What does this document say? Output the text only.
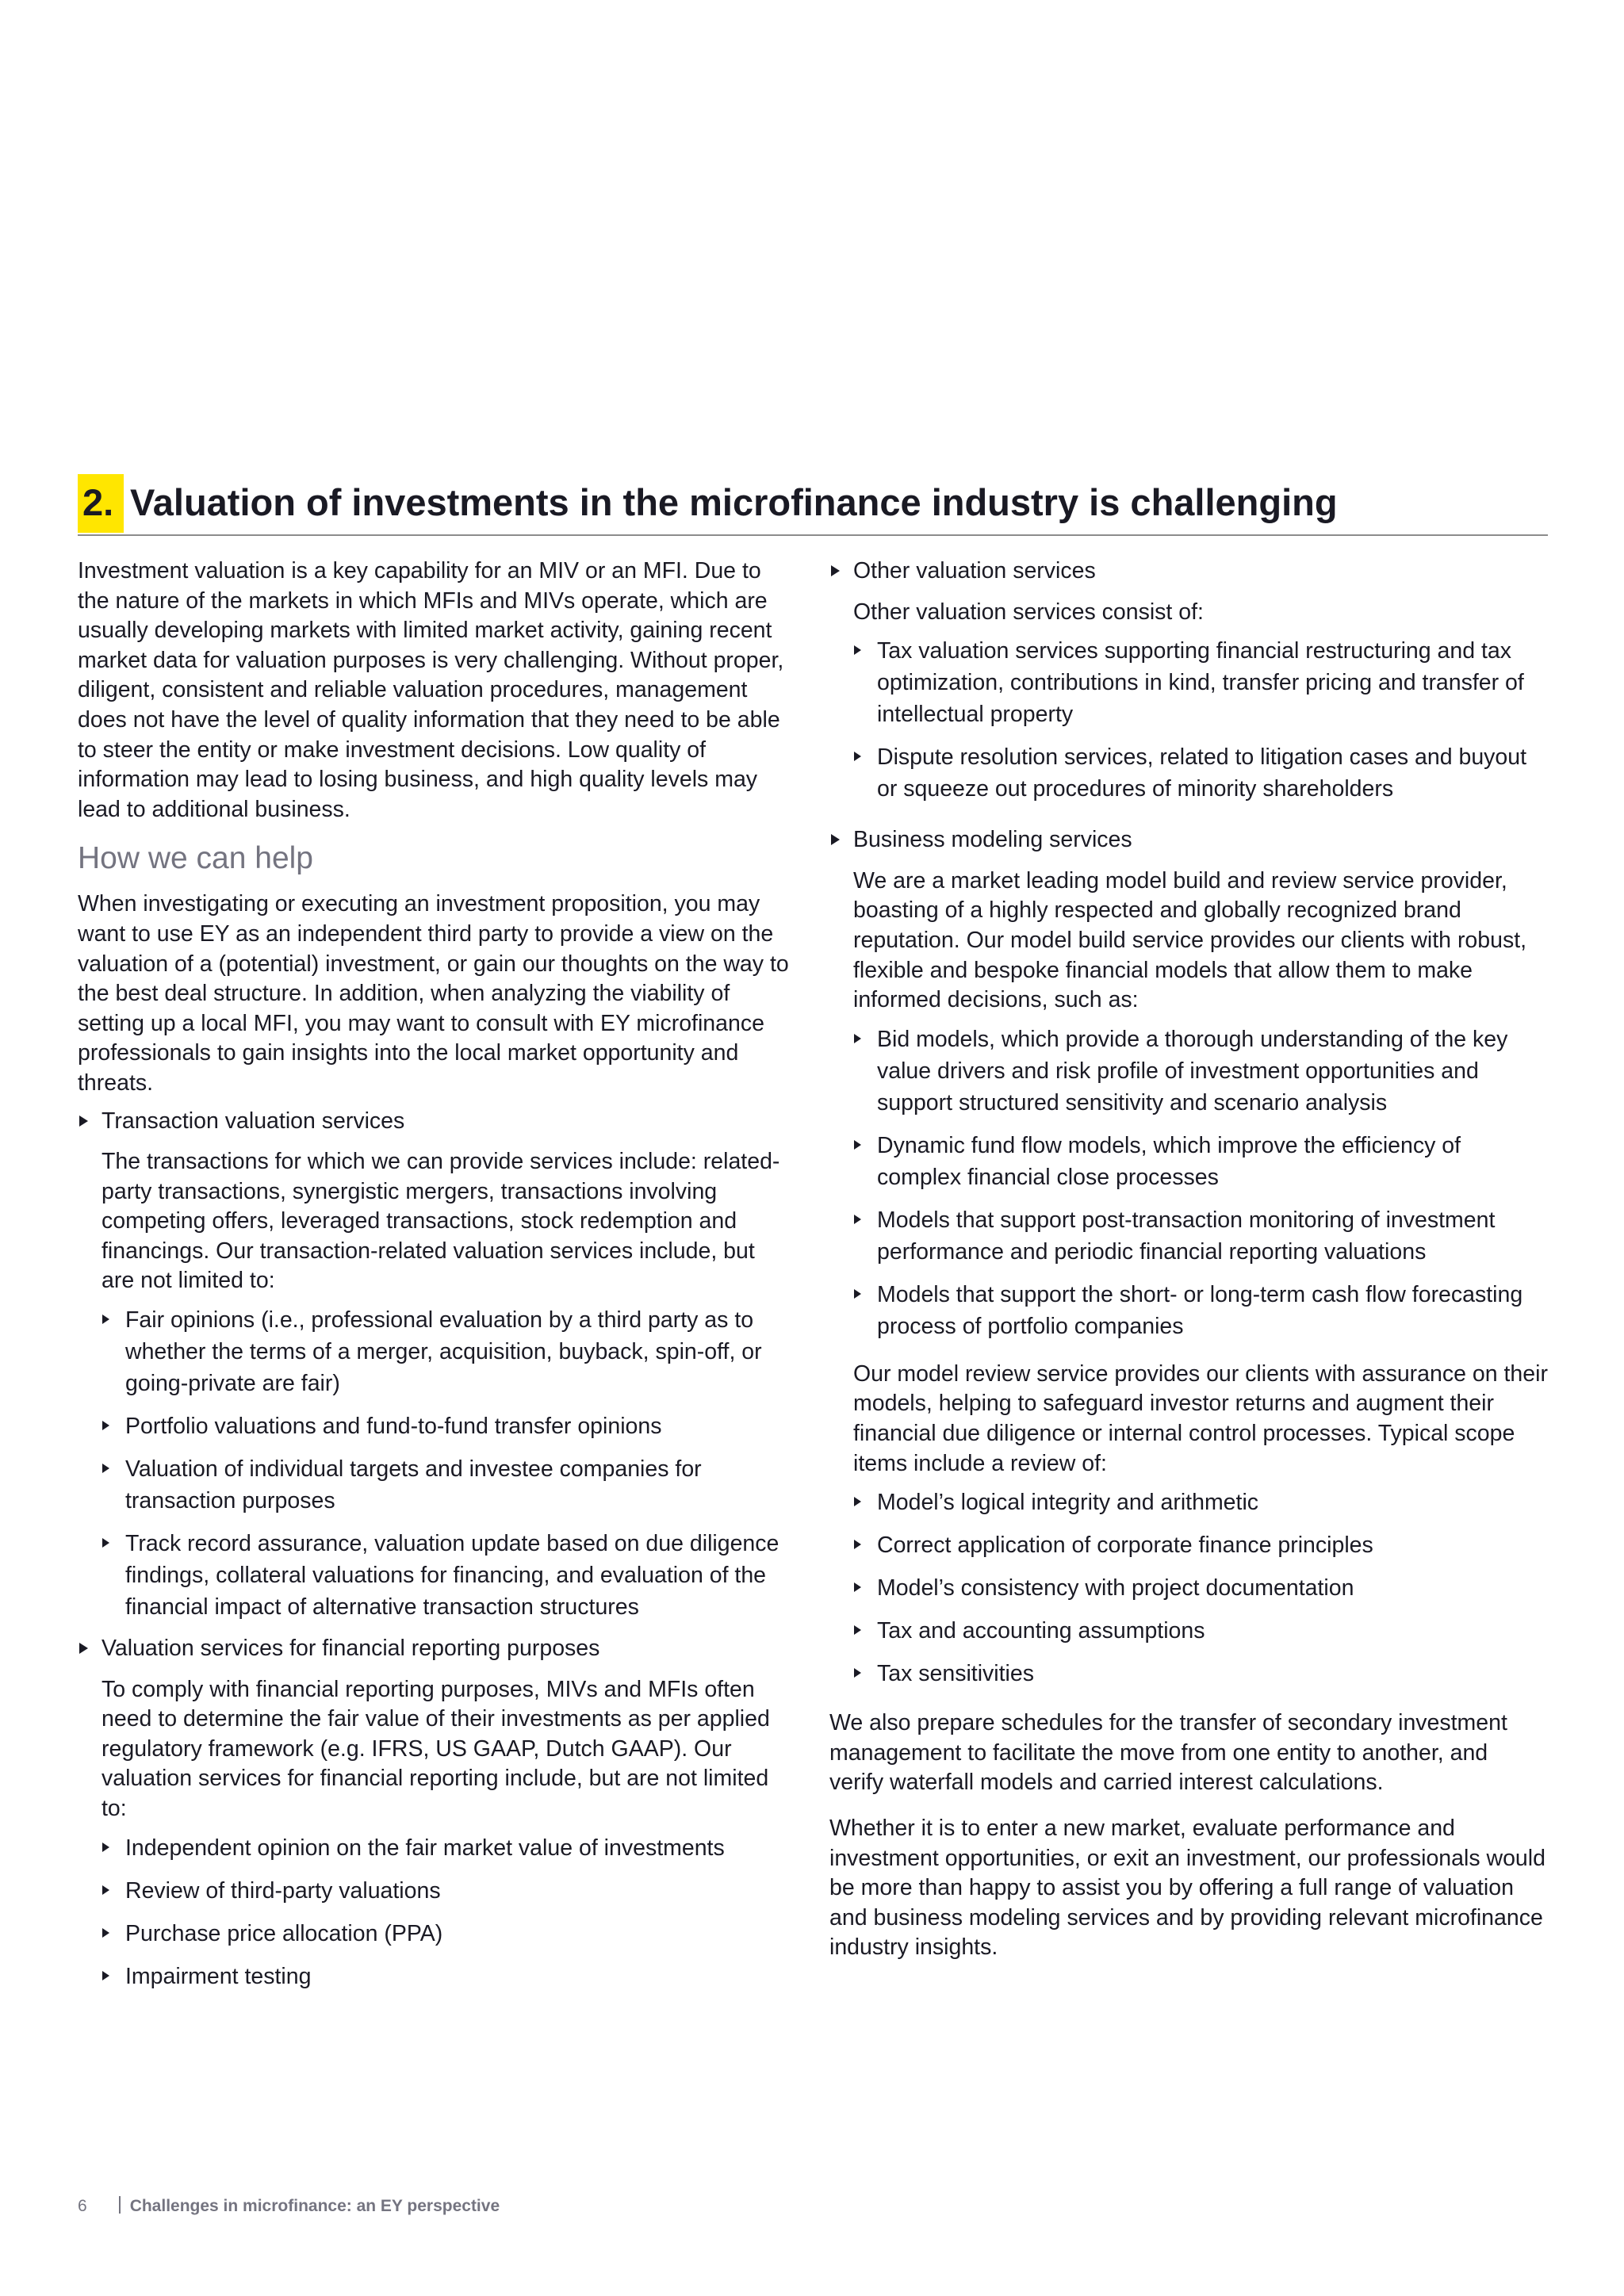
2. Valuation of investments in the microfinance industry is challenging

Investment valuation is a key capability for an MIV or an MFI. Due to the nature of the markets in which MFIs and MIVs operate, which are usually developing markets with limited market activity, gaining recent market data for valuation purposes is very challenging. Without proper, diligent, consistent and reliable valuation procedures, management does not have the level of quality information that they need to be able to steer the entity or make investment decisions. Low quality of information may lead to losing business, and high quality levels may lead to additional business.

How we can help

When investigating or executing an investment proposition, you may want to use EY as an independent third party to provide a view on the valuation of a (potential) investment, or gain our thoughts on the way to the best deal structure. In addition, when analyzing the viability of setting up a local MFI, you may want to consult with EY microfinance professionals to gain insights into the local market opportunity and threats.

Transaction valuation services
The transactions for which we can provide services include: related-party transactions, synergistic mergers, transactions involving competing offers, leveraged transactions, stock redemption and financings. Our transaction-related valuation services include, but are not limited to:
Fair opinions (i.e., professional evaluation by a third party as to whether the terms of a merger, acquisition, buyback, spin-off, or going-private are fair)
Portfolio valuations and fund-to-fund transfer opinions
Valuation of individual targets and investee companies for transaction purposes
Track record assurance, valuation update based on due diligence findings, collateral valuations for financing, and evaluation of the financial impact of alternative transaction structures
Valuation services for financial reporting purposes
To comply with financial reporting purposes, MIVs and MFIs often need to determine the fair value of their investments as per applied regulatory framework (e.g. IFRS, US GAAP, Dutch GAAP). Our valuation services for financial reporting include, but are not limited to:
Independent opinion on the fair market value of investments
Review of third-party valuations
Purchase price allocation (PPA)
Impairment testing
Other valuation services
Other valuation services consist of:
Tax valuation services supporting financial restructuring and tax optimization, contributions in kind, transfer pricing and transfer of intellectual property
Dispute resolution services, related to litigation cases and buyout or squeeze out procedures of minority shareholders
Business modeling services
We are a market leading model build and review service provider, boasting of a highly respected and globally recognized brand reputation. Our model build service provides our clients with robust, flexible and bespoke financial models that allow them to make informed decisions, such as:
Bid models, which provide a thorough understanding of the key value drivers and risk profile of investment opportunities and support structured sensitivity and scenario analysis
Dynamic fund flow models, which improve the efficiency of complex financial close processes
Models that support post-transaction monitoring of investment performance and periodic financial reporting valuations
Models that support the short- or long-term cash flow forecasting process of portfolio companies
Our model review service provides our clients with assurance on their models, helping to safeguard investor returns and augment their financial due diligence or internal control processes. Typical scope items include a review of:
Model’s logical integrity and arithmetic
Correct application of corporate finance principles
Model’s consistency with project documentation
Tax and accounting assumptions
Tax sensitivities

We also prepare schedules for the transfer of secondary investment management to facilitate the move from one entity to another, and verify waterfall models and carried interest calculations.

Whether it is to enter a new market, evaluate performance and investment opportunities, or exit an investment, our professionals would be more than happy to assist you by offering a full range of valuation and business modeling services and by providing relevant microfinance industry insights.

6	Challenges in microfinance: an EY perspective
